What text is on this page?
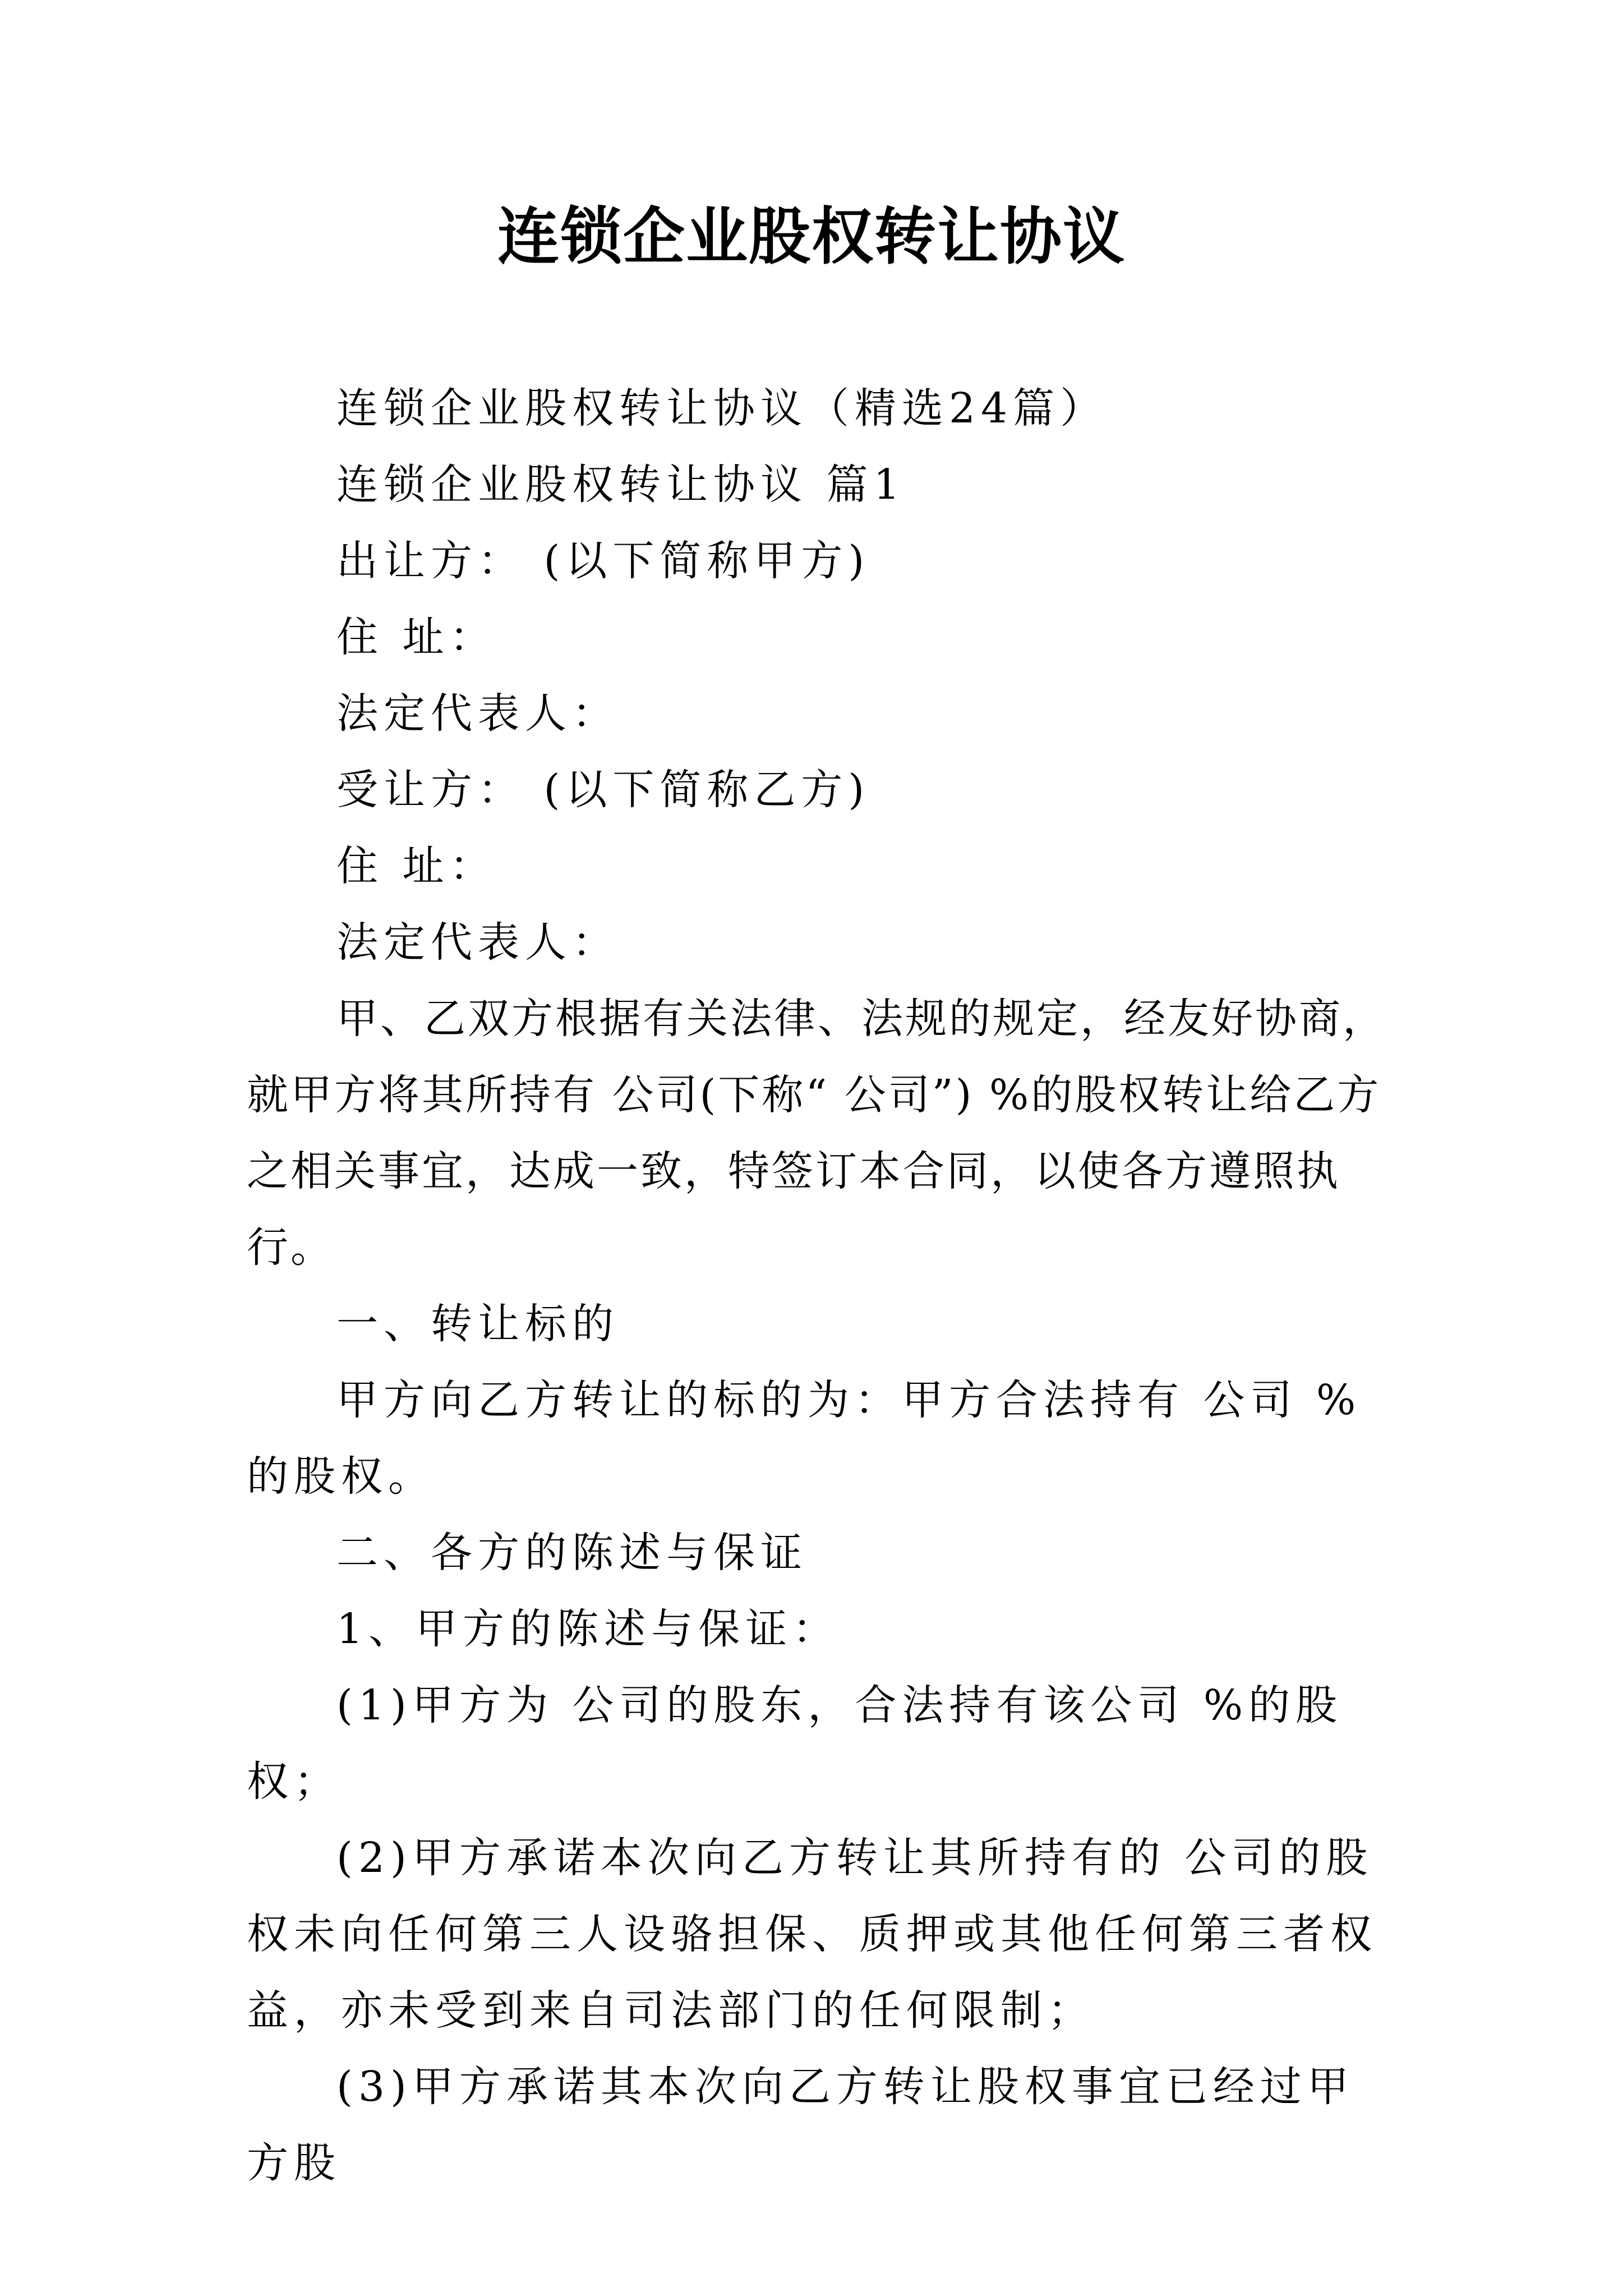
连锁企业股权转让协议

连锁企业股权转让协议（精选24篇）

连锁企业股权转让协议 篇1

出让方： (以下简称甲方)

住 址：

法定代表人：

受让方： (以下简称乙方)

住 址：

法定代表人：

甲、乙双方根据有关法律、法规的规定，经友好协商，就甲方将其所持有 公司(下称“ 公司”) %的股权转让给乙方之相关事宜，达成一致，特签订本合同，以使各方遵照执行。

一、转让标的

甲方向乙方转让的标的为：甲方合法持有 公司 %的股权。

二、各方的陈述与保证

1、甲方的陈述与保证：

(1)甲方为 公司的股东，合法持有该公司 %的股权；

(2)甲方承诺本次向乙方转让其所持有的 公司的股权未向任何第三人设骆担保、质押或其他任何第三者权益，亦未受到来自司法部门的任何限制；

(3)甲方承诺其本次向乙方转让股权事宜已经过甲方股
